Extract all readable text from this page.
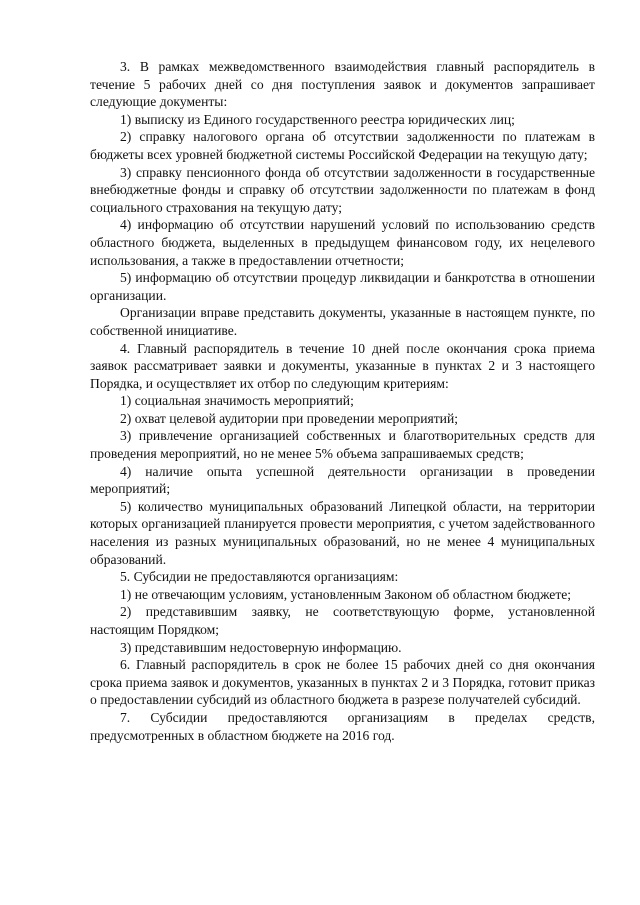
3. В рамках межведомственного взаимодействия главный распорядитель в течение 5 рабочих дней со дня поступления заявок и документов запрашивает следующие документы:

1) выписку из Единого государственного реестра юридических лиц;

2) справку налогового органа об отсутствии задолженности по платежам в бюджеты всех уровней бюджетной системы Российской Федерации на текущую дату;

3) справку пенсионного фонда об отсутствии задолженности в государственные внебюджетные фонды и справку об отсутствии задолженности по платежам в фонд социального страхования на текущую дату;

4) информацию об отсутствии нарушений условий по использованию средств областного бюджета, выделенных в предыдущем финансовом году, их нецелевого использования, а также в предоставлении отчетности;

5) информацию об отсутствии процедур ликвидации и банкротства в отношении организации.

Организации вправе представить документы, указанные в настоящем пункте, по собственной инициативе.

4. Главный распорядитель в течение 10 дней после окончания срока приема заявок рассматривает заявки и документы, указанные в пунктах 2 и 3 настоящего Порядка, и осуществляет их отбор по следующим критериям:

1) социальная значимость мероприятий;

2) охват целевой аудитории при проведении мероприятий;

3) привлечение организацией собственных и благотворительных средств для проведения мероприятий, но не менее 5% объема запрашиваемых средств;

4) наличие опыта успешной деятельности организации в проведении мероприятий;

5) количество муниципальных образований Липецкой области, на территории которых организацией планируется провести мероприятия, с учетом задействованного населения из разных муниципальных образований, но не менее 4 муниципальных образований.

5. Субсидии не предоставляются организациям:

1) не отвечающим условиям, установленным Законом об областном бюджете;

2) представившим заявку, не соответствующую форме, установленной настоящим Порядком;

3) представившим недостоверную информацию.

6. Главный распорядитель в срок не более 15 рабочих дней со дня окончания срока приема заявок и документов, указанных в пунктах 2 и 3 Порядка, готовит приказ о предоставлении субсидий из областного бюджета в разрезе получателей субсидий.

7. Субсидии предоставляются организациям в пределах средств, предусмотренных в областном бюджете на 2016 год.
